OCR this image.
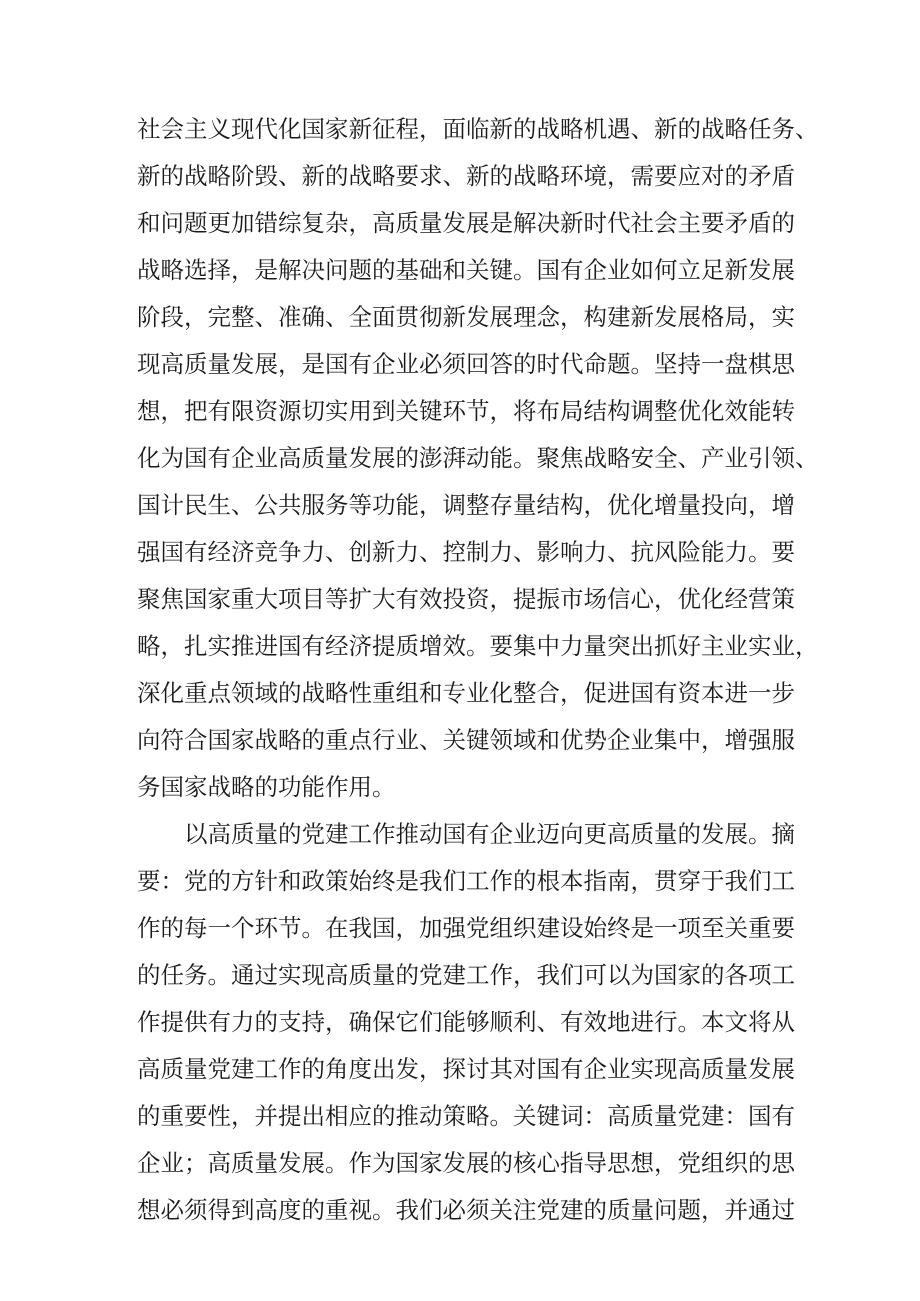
社会主义现代化国家新征程，面临新的战略机遇、新的战略任务、
新的战略阶毁、新的战略要求、新的战略环境，需要应对的矛盾
和问题更加错综复杂，高质量发展是解决新时代社会主要矛盾的
战略选择，是解决问题的基础和关键。国有企业如何立足新发展
阶段，完整、准确、全面贯彻新发展理念，构建新发展格局，实
现高质量发展，是国有企业必须回答的时代命题。坚持一盘棋思
想，把有限资源切实用到关键环节，将布局结构调整优化效能转
化为国有企业高质量发展的澎湃动能。聚焦战略安全、产业引领、
国计民生、公共服务等功能，调整存量结构，优化增量投向，增
强国有经济竞争力、创新力、控制力、影响力、抗风险能力。要
聚焦国家重大项目等扩大有效投资，提振市场信心，优化经营策
略，扎实推进国有经济提质增效。要集中力量突出抓好主业实业，
深化重点领域的战略性重组和专业化整合，促进国有资本进一步
向符合国家战略的重点行业、关键领域和优势企业集中，增强服
务国家战略的功能作用。
以高质量的党建工作推动国有企业迈向更高质量的发展。摘
要：党的方针和政策始终是我们工作的根本指南，贯穿于我们工
作的每一个环节。在我国，加强党组织建设始终是一项至关重要
的任务。通过实现高质量的党建工作，我们可以为国家的各项工
作提供有力的支持，确保它们能够顺利、有效地进行。本文将从
高质量党建工作的角度出发，探讨其对国有企业实现高质量发展
的重要性，并提出相应的推动策略。关键词：高质量党建：国有
企业；高质量发展。作为国家发展的核心指导思想，党组织的思
想必须得到高度的重视。我们必须关注党建的质量问题，并通过
